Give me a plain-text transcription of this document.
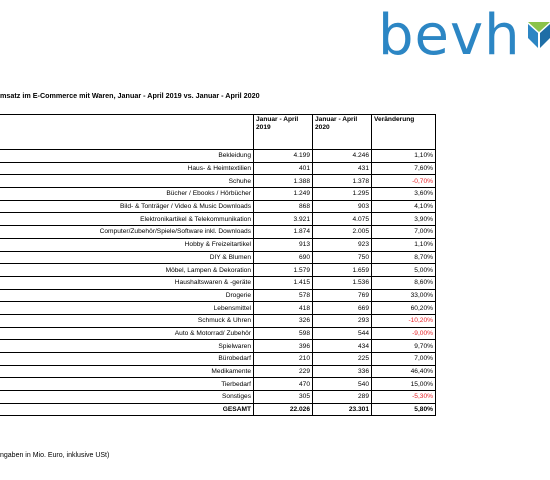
bevh
msatz im E-Commerce mit Waren, Januar - April 2019 vs. Januar - April 2020
	Januar - April 2019	Januar - April 2020	Veränderung
Bekleidung	4.199	4.246	1,10%
Haus- & Heimtextilien	401	431	7,60%
Schuhe	1.388	1.378	-0,70%
Bücher / Ebooks / Hörbücher	1.249	1.295	3,60%
Bild- & Tonträger / Video & Music Downloads	868	903	4,10%
Elektronikartikel & Telekommunikation	3.921	4.075	3,90%
Computer/Zubehör/Spiele/Software inkl. Downloads	1.874	2.005	7,00%
Hobby & Freizeitartikel	913	923	1,10%
DIY & Blumen	690	750	8,70%
Möbel, Lampen & Dekoration	1.579	1.659	5,00%
Haushaltswaren & -geräte	1.415	1.536	8,60%
Drogerie	578	769	33,00%
Lebensmittel	418	669	60,20%
Schmuck & Uhren	326	293	-10,20%
Auto & Motorrad/ Zubehör	598	544	-9,00%
Spielwaren	396	434	9,70%
Bürobedarf	210	225	7,00%
Medikamente	229	336	46,40%
Tierbedarf	470	540	15,00%
Sonstiges	305	289	-5,30%
GESAMT	22.026	23.301	5,80%
ngaben in Mio. Euro, inklusive USt)
